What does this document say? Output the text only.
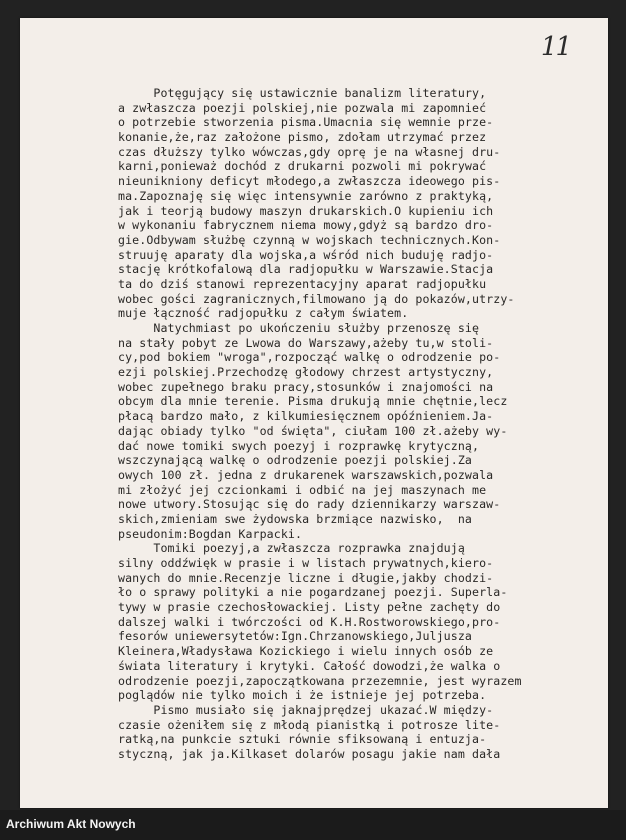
11
Potęgujący się ustawicznie banalizm literatury,
a zwłaszcza poezji polskiej,nie pozwala mi zapomnieć
o potrzebie stworzenia pisma.Umacnia się wemnie prze-
konanie,że,raz założone pismo, zdołam utrzymać przez
czas dłuższy tylko wówczas,gdy oprę je na własnej dru-
karni,ponieważ dochód z drukarni pozwoli mi pokrywać
nieuniknionу deficyt młodego,a zwłaszcza ideowego pis-
ma.Zapoznaję się więc intensywnie zarówno z praktyką,
jak i teorją budowy maszyn drukarskich.O kupieniu ich
w wykonaniu fabrycznem niema mowy,gdyż są bardzo dro-
gie.Odbywam służbę czynną w wojskach technicznych.Kon-
struuję aparaty dla wojska,a wśród nich buduję radjo-
stację krótkofalową dla radjopułku w Warszawie.Stacja
ta do dziś stanowi reprezentacyjny aparat radjopułku
wobec gości zagranicznych,filmowano ją do pokazów,utrzy-
muje łączność radjopułku z całym światem.
Natychmiast po ukończeniu służby przenoszę się
na stały pobyt ze Lwowa do Warszawy,ażeby tu,w stoli-
cy,pod bokiem "wroga",rozpocząć walkę o odrodzenie po-
ezji polskiej.Przechodzę głodowy chrzest artystyczny,
wobec zupełnego braku pracy,stosunków i znajomości na
obcym dla mnie terenie. Pisma drukują mnie chętnie,lecz
płacą bardzo mało, z kilkumiesięcznem opóźnieniem.Ja-
dając obiady tylko "od święta", ciułam 100 zł.ażeby wy-
dać nowe tomiki swych poezyj i rozprawkę krytyczną,
wszczynającą walkę o odrodzenie poezji polskiej.Za
owych 100 zł. jedna z drukarenek warszawskich,pozwala
mi złożyć jej czcionkami i odbić na jej maszynach me
nowe utwory.Stosując się do rady dziennikarzy warszaw-
skich,zmieniam swe żydowska brzmiące nazwisko,  na
pseudonim:Bogdan Karpacki.
Tomiki poezyj,a zwłaszcza rozprawka znajdują
silny oddźwięk w prasie i w listach prywatnych,kiero-
wanych do mnie.Recenzje liczne i długie,jakby chodzi-
ło o sprawy polityki a nie pogardzanej poezji. Superla-
tywy w prasie czechosłowackiej. Listy pełne zachęty do
dalszej walki i twórczości od K.H.Rostworowskiego,pro-
fesorów uniewersytetów:Ign.Chrzanowskiego,Juljusza
Kleinera,Władysława Kozickiego i wielu innych osób ze
świata literatury i krytyki. Całość dowodzi,że walka o
odrodzenie poezji,zapoczątkowana przezemnie, jest wyrazem
poglądów nie tylko moich i że istnieje jej potrzeba.
Pismo musiało się jaknajprędzej ukazać.W między-
czasie ożeniłem się z młodą pianistką i potrosze lite-
ratką,na punkcie sztuki równie sfiksowaną i entuzja-
styczną, jak ja.Kilkaset dolarów posagu jakie nam dała
Archiwum Akt Nowych
